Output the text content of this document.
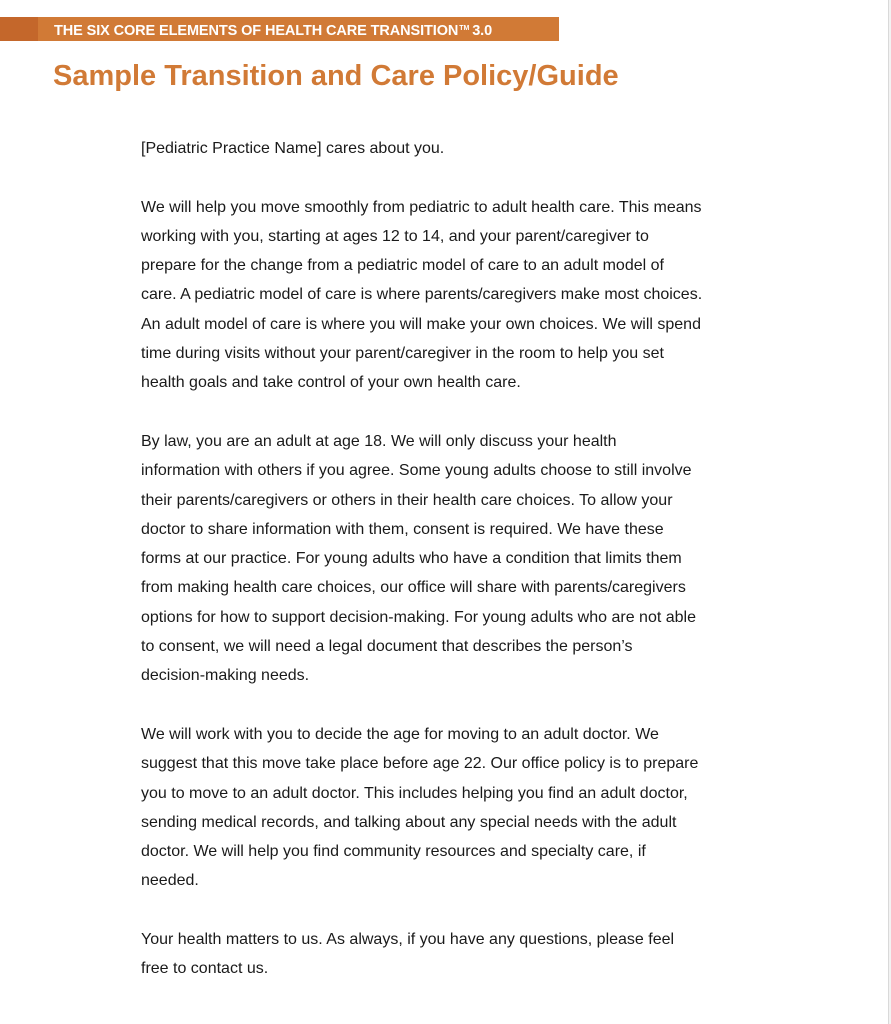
THE SIX CORE ELEMENTS OF HEALTH CARE TRANSITION™ 3.0
Sample Transition and Care Policy/Guide

[Pediatric Practice Name] cares about you.

We will help you move smoothly from pediatric to adult health care. This means
working with you, starting at ages 12 to 14, and your parent/caregiver to
prepare for the change from a pediatric model of care to an adult model of
care. A pediatric model of care is where parents/caregivers make most choices.
An adult model of care is where you will make your own choices. We will spend
time during visits without your parent/caregiver in the room to help you set
health goals and take control of your own health care.

By law, you are an adult at age 18. We will only discuss your health
information with others if you agree. Some young adults choose to still involve
their parents/caregivers or others in their health care choices. To allow your
doctor to share information with them, consent is required. We have these
forms at our practice. For young adults who have a condition that limits them
from making health care choices, our office will share with parents/caregivers
options for how to support decision-making. For young adults who are not able
to consent, we will need a legal document that describes the person’s
decision-making needs.

We will work with you to decide the age for moving to an adult doctor. We
suggest that this move take place before age 22. Our office policy is to prepare
you to move to an adult doctor. This includes helping you find an adult doctor,
sending medical records, and talking about any special needs with the adult
doctor. We will help you find community resources and specialty care, if
needed.

Your health matters to us. As always, if you have any questions, please feel
free to contact us.
